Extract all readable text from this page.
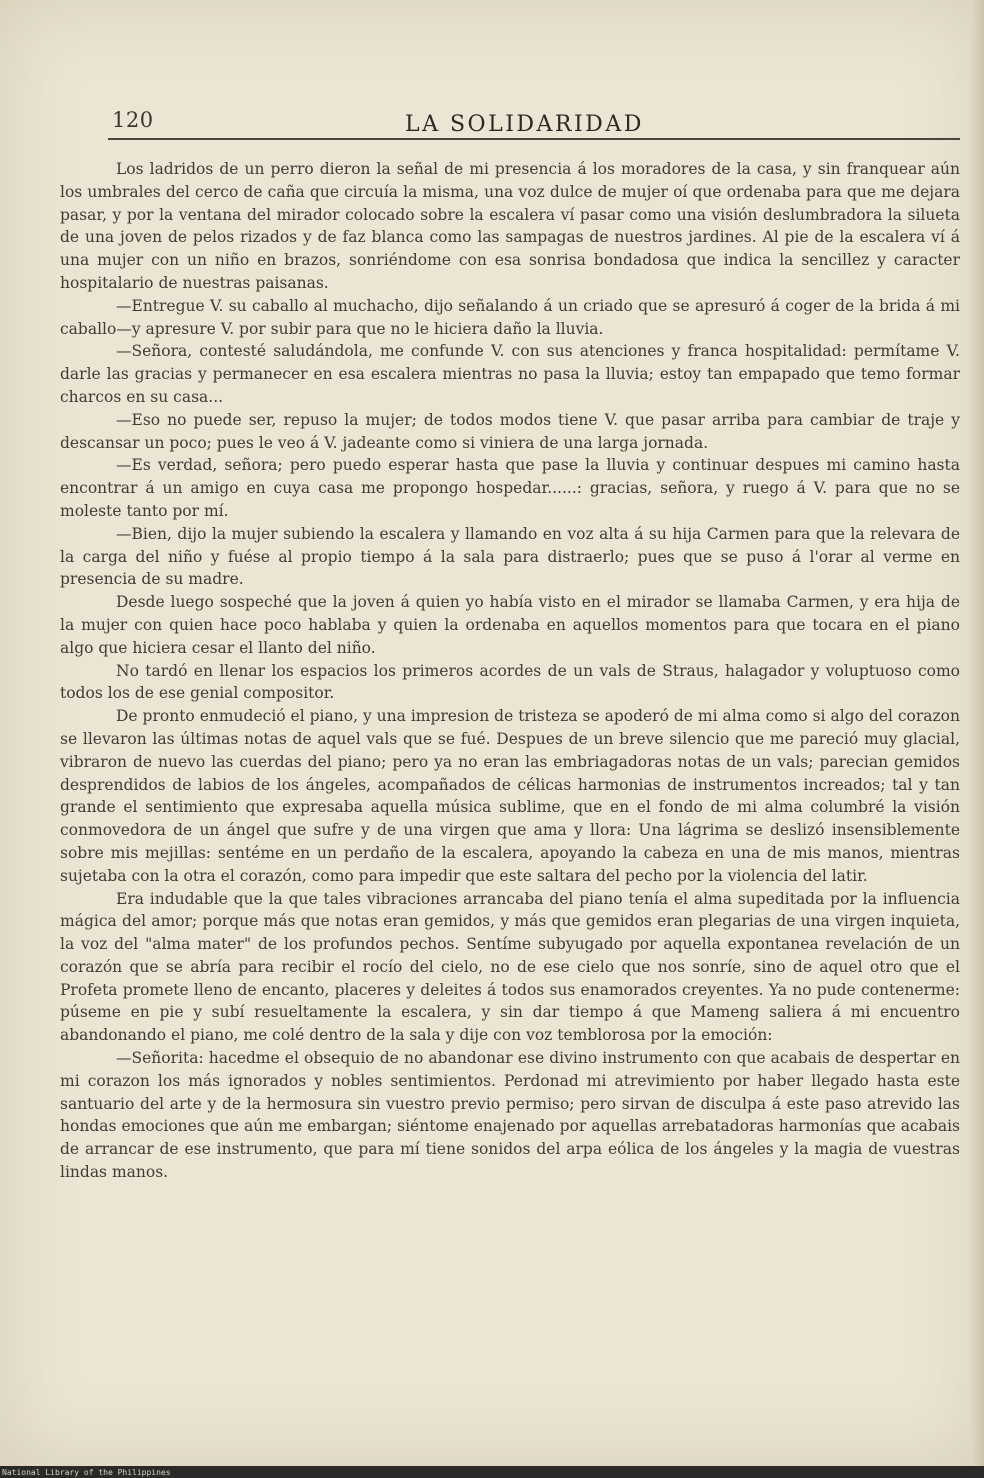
120	LA SOLIDARIDAD

Los ladridos de un perro dieron la señal de mi presencia á los moradores de la casa, y sin franquear aún los umbrales del cerco de caña que circuía la misma, una voz dulce de mujer oí que ordenaba para que me dejara pasar, y por la ventana del mirador colocado sobre la escalera ví pasar como una visión deslumbradora la silueta de una joven de pelos rizados y de faz blanca como las sampagas de nuestros jardines. Al pie de la escalera ví á una mujer con un niño en brazos, sonriéndome con esa sonrisa bondadosa que indica la sencillez y caracter hospitalario de nuestras paisanas.

—Entregue V. su caballo al muchacho, dijo señalando á un criado que se apresuró á coger de la brida á mi caballo—y apresure V. por subir para que no le hiciera daño la lluvia.

—Señora, contesté saludándola, me confunde V. con sus atenciones y franca hospitalidad: permítame V. darle las gracias y permanecer en esa escalera mientras no pasa la lluvia; estoy tan empapado que temo formar charcos en su casa...

—Eso no puede ser, repuso la mujer; de todos modos tiene V. que pasar arriba para cambiar de traje y descansar un poco; pues le veo á V. jadeante como si viniera de una larga jornada.

—Es verdad, señora; pero puedo esperar hasta que pase la lluvia y continuar despues mi camino hasta encontrar á un amigo en cuya casa me propongo hospedar......: gracias, señora, y ruego á V. para que no se moleste tanto por mí.

—Bien, dijo la mujer subiendo la escalera y llamando en voz alta á su hija Carmen para que la relevara de la carga del niño y fuése al propio tiempo á la sala para distraerlo; pues que se puso á l'orar al verme en presencia de su madre.

Desde luego sospeché que la joven á quien yo había visto en el mirador se llamaba Carmen, y era hija de la mujer con quien hace poco hablaba y quien la ordenaba en aquellos momentos para que tocara en el piano algo que hiciera cesar el llanto del niño.

No tardó en llenar los espacios los primeros acordes de un vals de Straus, halagador y voluptuoso como todos los de ese genial compositor.

De pronto enmudeció el piano, y una impresion de tristeza se apoderó de mi alma como si algo del corazon se llevaron las últimas notas de aquel vals que se fué. Despues de un breve silencio que me pareció muy glacial, vibraron de nuevo las cuerdas del piano; pero ya no eran las embriagadoras notas de un vals; parecian gemidos desprendidos de labios de los ángeles, acompañados de célicas harmonias de instrumentos increados; tal y tan grande el sentimiento que expresaba aquella música sublime, que en el fondo de mi alma columbré la visión conmovedora de un ángel que sufre y de una virgen que ama y llora: Una lágrima se deslizó insensiblemente sobre mis mejillas: sentéme en un perdaño de la escalera, apoyando la cabeza en una de mis manos, mientras sujetaba con la otra el corazón, como para impedir que este saltara del pecho por la violencia del latir.

Era indudable que la que tales vibraciones arrancaba del piano tenía el alma supeditada por la influencia mágica del amor; porque más que notas eran gemidos, y más que gemidos eran plegarias de una virgen inquieta, la voz del "alma mater" de los profundos pechos. Sentíme subyugado por aquella expontanea revelación de un corazón que se abría para recibir el rocío del cielo, no de ese cielo que nos sonríe, sino de aquel otro que el Profeta promete lleno de encanto, placeres y deleites á todos sus enamorados creyentes. Ya no pude contenerme: púseme en pie y subí resueltamente la escalera, y sin dar tiempo á que Mameng saliera á mi encuentro abandonando el piano, me colé dentro de la sala y dije con voz temblorosa por la emoción:

—Señorita: hacedme el obsequio de no abandonar ese divino instrumento con que acabais de despertar en mi corazon los más ignorados y nobles sentimientos. Perdonad mi atrevimiento por haber llegado hasta este santuario del arte y de la hermosura sin vuestro previo permiso; pero sirvan de disculpa á este paso atrevido las hondas emociones que aún me embargan; siéntome enajenado por aquellas arrebatadoras harmonías que acabais de arrancar de ese instrumento, que para mí tiene sonidos del arpa eólica de los ángeles y la magia de vuestras lindas manos.

National Library of the Philippines
